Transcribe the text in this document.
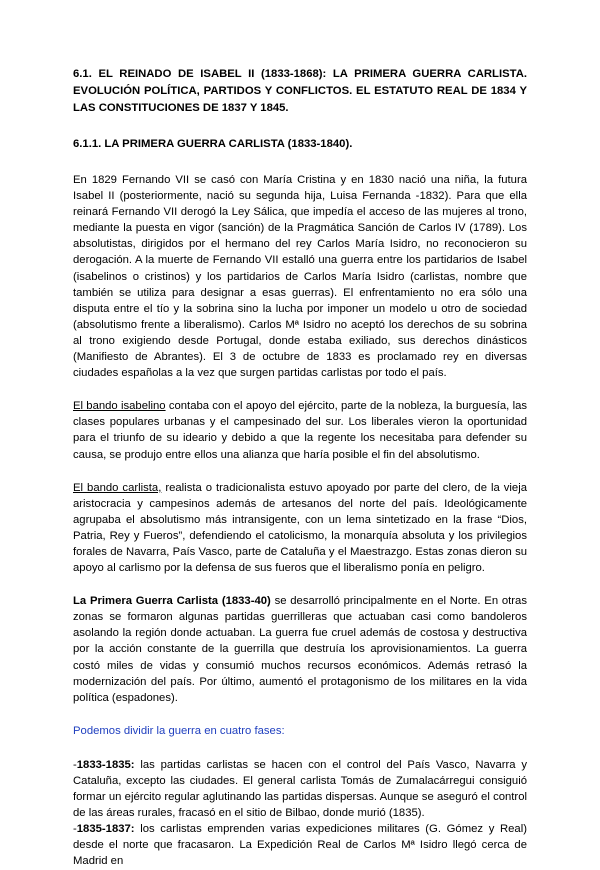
6.1. EL REINADO DE ISABEL II (1833-1868): LA PRIMERA GUERRA CARLISTA. EVOLUCIÓN POLÍTICA, PARTIDOS Y CONFLICTOS. EL ESTATUTO REAL DE 1834 Y LAS CONSTITUCIONES DE 1837 Y 1845.

6.1.1. LA PRIMERA GUERRA CARLISTA (1833-1840).

En 1829 Fernando VII se casó con María Cristina y en 1830 nació una niña, la futura Isabel II (posteriormente, nació su segunda hija, Luisa Fernanda -1832). Para que ella reinará Fernando VII derogó la Ley Sálica, que impedía el acceso de las mujeres al trono, mediante la puesta en vigor (sanción) de la Pragmática Sanción de Carlos IV (1789). Los absolutistas, dirigidos por el hermano del rey Carlos María Isidro, no reconocieron su derogación. A la muerte de Fernando VII estalló una guerra entre los partidarios de Isabel (isabelinos o cristinos) y los partidarios de Carlos María Isidro (carlistas, nombre que también se utiliza para designar a esas guerras). El enfrentamiento no era sólo una disputa entre el tío y la sobrina sino la lucha por imponer un modelo u otro de sociedad (absolutismo frente a liberalismo). Carlos Mª Isidro no aceptó los derechos de su sobrina al trono exigiendo desde Portugal, donde estaba exiliado, sus derechos dinásticos (Manifiesto de Abrantes). El 3 de octubre de 1833 es proclamado rey en diversas ciudades españolas a la vez que surgen partidas carlistas por todo el país.

El bando isabelino contaba con el apoyo del ejército, parte de la nobleza, la burguesía, las clases populares urbanas y el campesinado del sur. Los liberales vieron la oportunidad para el triunfo de su ideario y debido a que la regente los necesitaba para defender su causa, se produjo entre ellos una alianza que haría posible el fin del absolutismo.

El bando carlista, realista o tradicionalista estuvo apoyado por parte del clero, de la vieja aristocracia y campesinos además de artesanos del norte del país. Ideológicamente agrupaba el absolutismo más intransigente, con un lema sintetizado en la frase “Dios, Patria, Rey y Fueros”, defendiendo el catolicismo, la monarquía absoluta y los privilegios forales de Navarra, País Vasco, parte de Cataluña y el Maestrazgo. Estas zonas dieron su apoyo al carlismo por la defensa de sus fueros que el liberalismo ponía en peligro.

La Primera Guerra Carlista (1833-40) se desarrolló principalmente en el Norte. En otras zonas se formaron algunas partidas guerrilleras que actuaban casi como bandoleros asolando la región donde actuaban. La guerra fue cruel además de costosa y destructiva por la acción constante de la guerrilla que destruía los aprovisionamientos. La guerra costó miles de vidas y consumió muchos recursos económicos. Además retrasó la modernización del país. Por último, aumentó el protagonismo de los militares en la vida política (espadones).

Podemos dividir la guerra en cuatro fases:

-1833-1835: las partidas carlistas se hacen con el control del País Vasco, Navarra y Cataluña, excepto las ciudades. El general carlista Tomás de Zumalacárregui consiguió formar un ejército regular aglutinando las partidas dispersas. Aunque se aseguró el control de las áreas rurales, fracasó en el sitio de Bilbao, donde murió (1835).

-1835-1837: los carlistas emprenden varias expediciones militares (G. Gómez y Real) desde el norte que fracasaron. La Expedición Real de Carlos Mª Isidro llegó cerca de Madrid en
